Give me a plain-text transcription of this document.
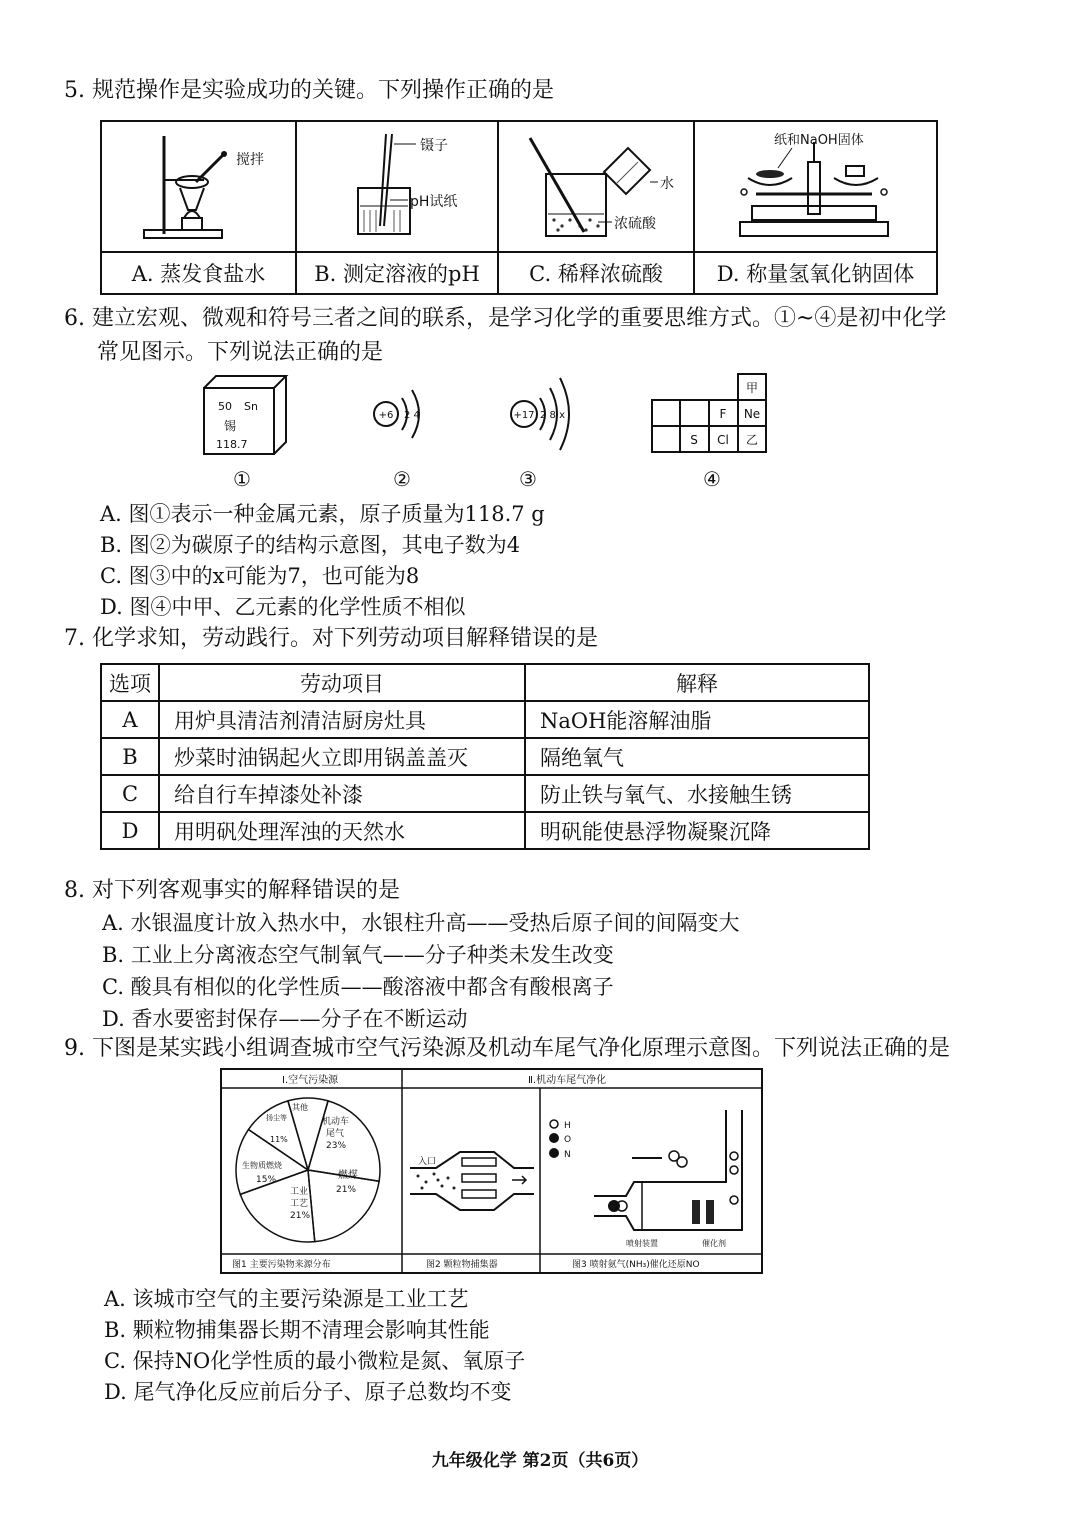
5. 规范操作是实验成功的关键。下列操作正确的是
搅拌	镊子
pH试纸	水
浓硫酸	纸和NaOH固体

A. 蒸发食盐水	B. 测定溶液的pH	C. 稀释浓硫酸	D. 称量氢氧化钠固体
6. 建立宏观、微观和符号三者之间的联系，是学习化学的重要思维方式。①~④是初中化学
常见图示。下列说法正确的是
50 Sn
锡
118.7
①
+6 2 4
②
+17 2 8 x
③
甲
F Ne
S Cl 乙
④
A. 图①表示一种金属元素，原子质量为118.7 g
B. 图②为碳原子的结构示意图，其电子数为4
C. 图③中的x可能为7，也可能为8
D. 图④中甲、乙元素的化学性质不相似
7. 化学求知，劳动践行。对下列劳动项目解释错误的是
选项	劳动项目	解释
A	用炉具清洁剂清洁厨房灶具	NaOH能溶解油脂
B	炒菜时油锅起火立即用锅盖盖灭	隔绝氧气
C	给自行车掉漆处补漆	防止铁与氧气、水接触生锈
D	用明矾处理浑浊的天然水	明矾能使悬浮物凝聚沉降
8. 对下列客观事实的解释错误的是
A. 水银温度计放入热水中，水银柱升高——受热后原子间的间隔变大
B. 工业上分离液态空气制氧气——分子种类未发生改变
C. 酸具有相似的化学性质——酸溶液中都含有酸根离子
D. 香水要密封保存——分子在不断运动
9. 下图是某实践小组调查城市空气污染源及机动车尾气净化原理示意图。下列说法正确的是
Ⅰ.空气污染源	Ⅱ.机动车尾气净化
机动车
尾气
23%
燃煤
21%
工业
工艺
21%
生物质燃烧
15%
扬尘等
11%
其他
入口
H
O
N
喷射装置	催化剂
图1 主要污染物来源分布	图2 颗粒物捕集器	图3 喷射氨气(NH₃)催化还原NO
A. 该城市空气的主要污染源是工业工艺
B. 颗粒物捕集器长期不清理会影响其性能
C. 保持NO化学性质的最小微粒是氮、氧原子
D. 尾气净化反应前后分子、原子总数均不变
九年级化学 第2页（共6页）
